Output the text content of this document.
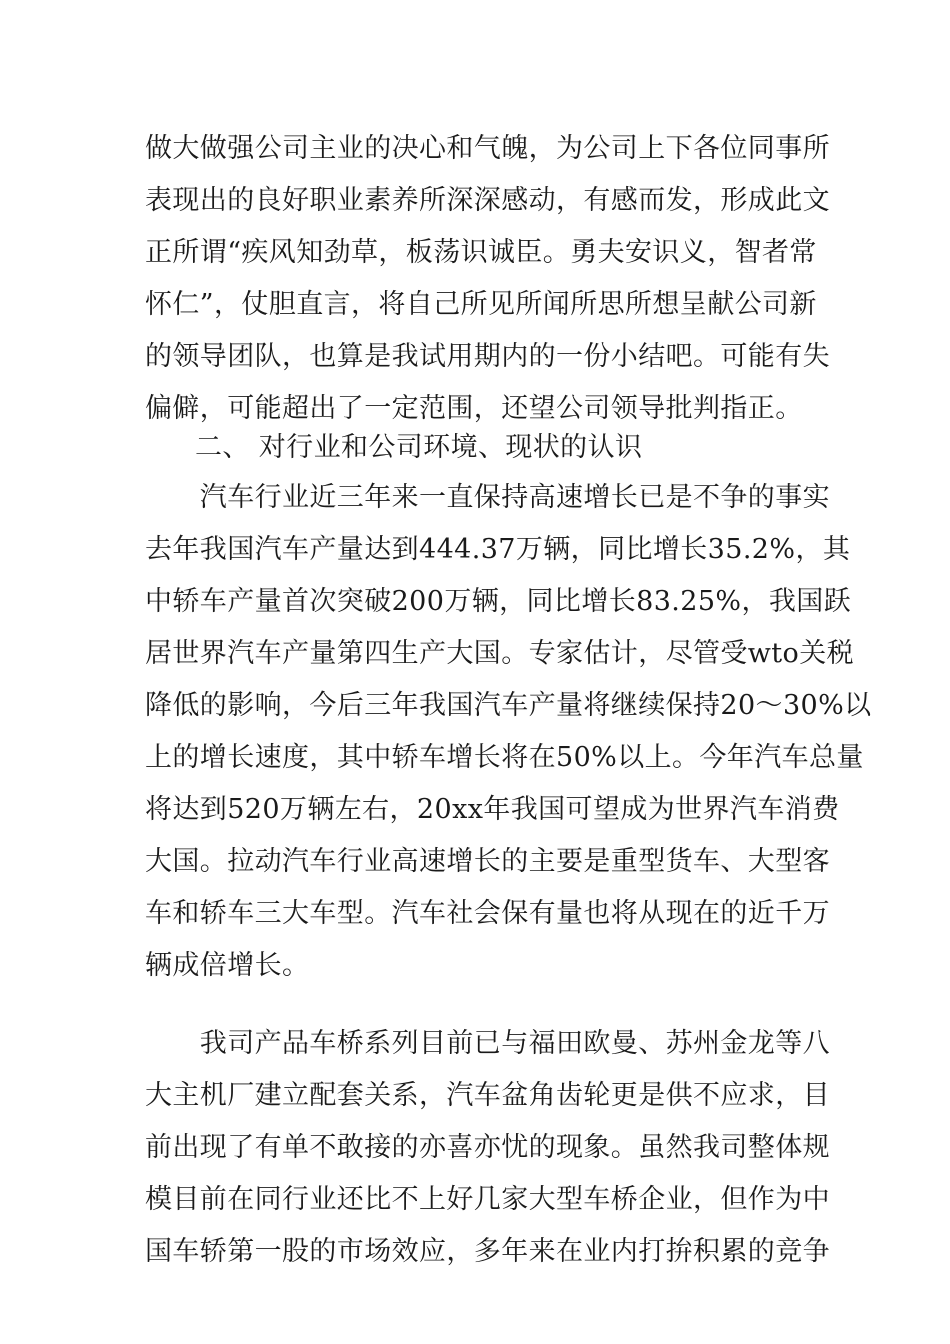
做大做强公司主业的决心和气魄，为公司上下各位同事所
表现出的良好职业素养所深深感动，有感而发，形成此文
正所谓“疾风知劲草，板荡识诚臣。勇夫安识义，智者常
怀仁”，仗胆直言，将自己所见所闻所思所想呈献公司新
的领导团队，也算是我试用期内的一份小结吧。可能有失
偏僻，可能超出了一定范围，还望公司领导批判指正。
二、 对行业和公司环境、现状的认识
　　汽车行业近三年来一直保持高速增长已是不争的事实
去年我国汽车产量达到444.37万辆，同比增长35.2%，其
中轿车产量首次突破200万辆，同比增长83.25%，我国跃
居世界汽车产量第四生产大国。专家估计，尽管受wto关税
降低的影响，今后三年我国汽车产量将继续保持20～30%以
上的增长速度，其中轿车增长将在50%以上。今年汽车总量
将达到520万辆左右，20xx年我国可望成为世界汽车消费
大国。拉动汽车行业高速增长的主要是重型货车、大型客
车和轿车三大车型。汽车社会保有量也将从现在的近千万
辆成倍增长。
　　我司产品车桥系列目前已与福田欧曼、苏州金龙等八
大主机厂建立配套关系，汽车盆角齿轮更是供不应求，目
前出现了有单不敢接的亦喜亦忧的现象。虽然我司整体规
模目前在同行业还比不上好几家大型车桥企业，但作为中
国车轿第一股的市场效应，多年来在业内打拚积累的竞争
